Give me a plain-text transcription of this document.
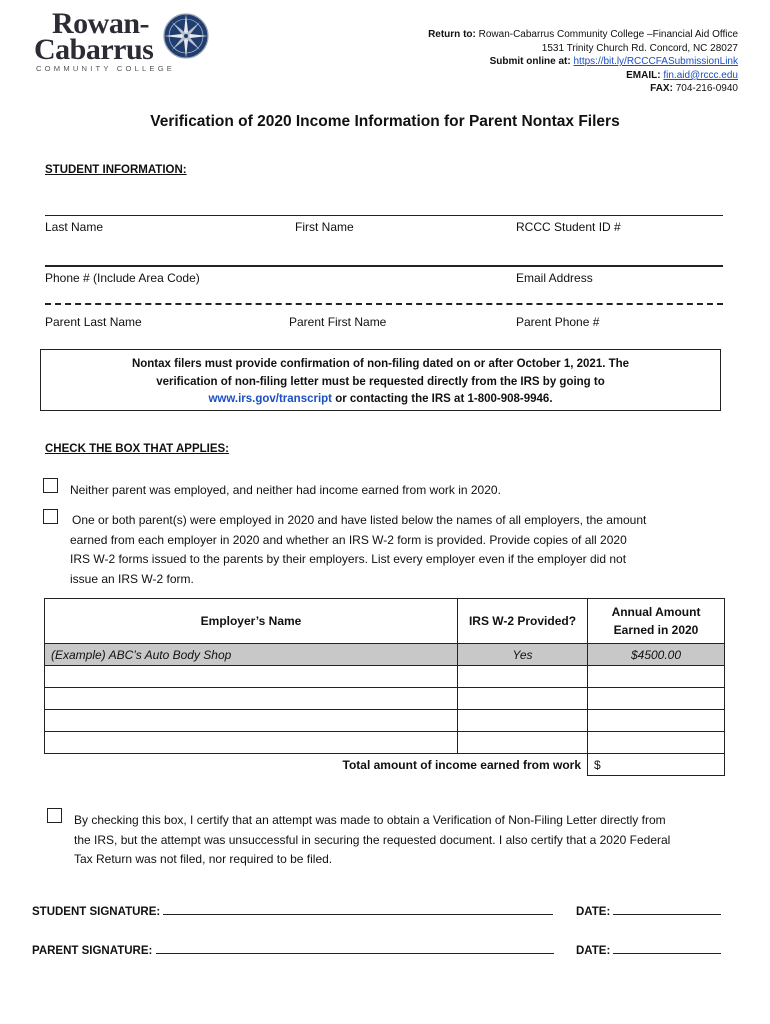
Rowan-
Cabarrus
COMMUNITY COLLEGE
Return to: Rowan-Cabarrus Community College –Financial Aid Office
1531 Trinity Church Rd. Concord, NC 28027
Submit online at: https://bit.ly/RCCCFASubmissionLink
EMAIL: fin.aid@rccc.edu
FAX: 704-216-0940
Verification of 2020 Income Information for Parent Nontax Filers
STUDENT INFORMATION:
Last Name	First Name	RCCC Student ID #
Phone # (Include Area Code)	Email Address
Parent Last Name	Parent First Name	Parent Phone #
Nontax filers must provide confirmation of non-filing dated on or after October 1, 2021. The
verification of non-filing letter must be requested directly from the IRS by going to
www.irs.gov/transcript or contacting the IRS at 1-800-908-9946.
CHECK THE BOX THAT APPLIES:
Neither parent was employed, and neither had income earned from work in 2020.
One or both parent(s) were employed in 2020 and have listed below the names of all employers, the amount
earned from each employer in 2020 and whether an IRS W-2 form is provided. Provide copies of all 2020
IRS W-2 forms issued to the parents by their employers. List every employer even if the employer did not
issue an IRS W-2 form.
Employer’s Name	IRS W-2 Provided?	Annual Amount
Earned in 2020

(Example) ABC’s Auto Body Shop	Yes	$4500.00

Total amount of income earned from work		$
By checking this box, I certify that an attempt was made to obtain a Verification of Non-Filing Letter directly from
the IRS, but the attempt was unsuccessful in securing the requested document. I also certify that a 2020 Federal
Tax Return was not filed, nor required to be filed.
STUDENT SIGNATURE:	DATE:
PARENT SIGNATURE:	DATE:
